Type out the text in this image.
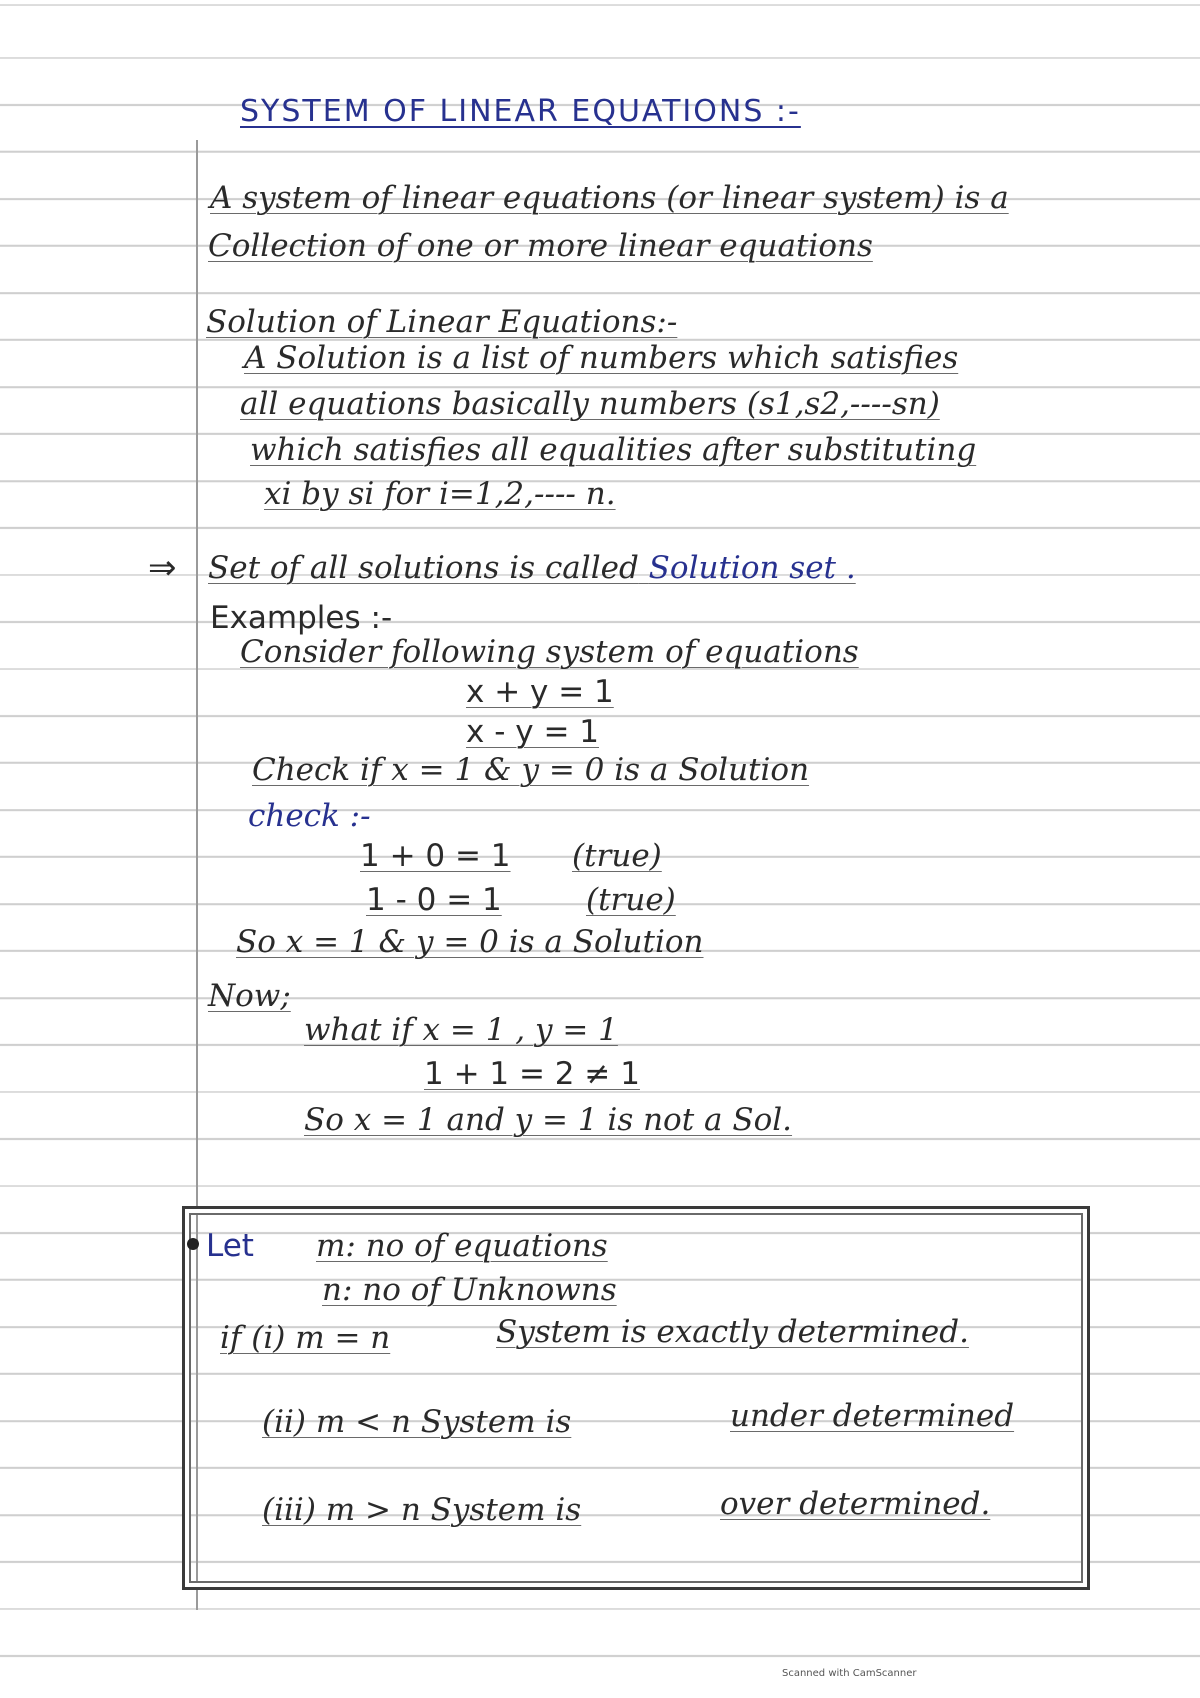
SYSTEM OF LINEAR EQUATIONS :-
A system of linear equations (or linear system) is a
Collection of one or more linear equations
Solution of Linear Equations:-
A Solution is a list of numbers which satisfies
all equations basically numbers (s1,s2,----sn)
which satisfies all equalities after substituting
xi by si for i=1,2,---- n.
⇒ Set of all solutions is called Solution set .
Examples :-
Consider following system of equations
x + y = 1
x - y = 1
Check if x = 1 & y = 0 is a Solution
check :-
1 + 0 = 1 (true)
1 - 0 = 1	(true)
So x = 1 & y = 0 is a Solution
Now;
what if x = 1 , y = 1
1 + 1 = 2 ≠ 1
So x = 1 and y = 1 is not a Sol.
Let m: no of equations
n: no of Unknowns
if (i) m = n	System is exactly determined.
(ii) m < n System is	under determined
(iii) m > n System is	over determined.
Scanned with CamScanner
